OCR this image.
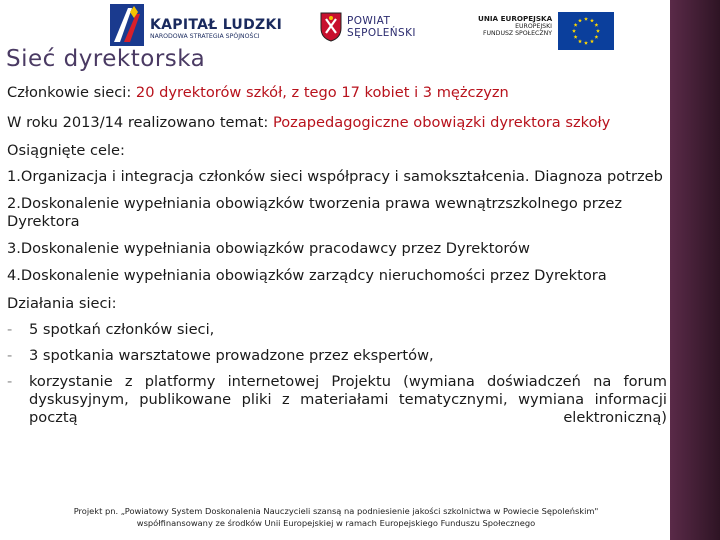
KAPITAŁ LUDZKI
NARODOWA STRATEGIA SPÓJNOŚCI
POWIAT
SĘPOLEŃSKI
UNIA EUROPEJSKA
EUROPEJSKI
FUNDUSZ SPOŁECZNY
Sieć dyrektorska

Członkowie sieci: 20 dyrektorów szkół, z tego 17 kobiet i 3 mężczyzn

W roku 2013/14 realizowano temat: Pozapedagogiczne obowiązki dyrektora szkoły

Osiągnięte cele:

1.Organizacja i integracja członków sieci współpracy i samokształcenia. Diagnoza potrzeb

2.Doskonalenie wypełniania obowiązków tworzenia prawa wewnątrzszkolnego przez Dyrektora

3.Doskonalenie wypełniania obowiązków pracodawcy przez Dyrektorów

4.Doskonalenie wypełniania obowiązków zarządcy nieruchomości przez Dyrektora

Działania sieci:

-	5 spotkań członków sieci,
-	3 spotkania warsztatowe prowadzone przez ekspertów,
-	korzystanie z platformy internetowej Projektu (wymiana doświadczeń na forum dyskusyjnym, publikowane pliki z materiałami tematycznymi, wymiana informacji pocztą elektroniczną)
Projekt pn. „Powiatowy System Doskonalenia Nauczycieli szansą na podniesienie jakości szkolnictwa w Powiecie Sępoleńskim"
współfinansowany ze środków Unii Europejskiej w ramach Europejskiego Funduszu Społecznego
